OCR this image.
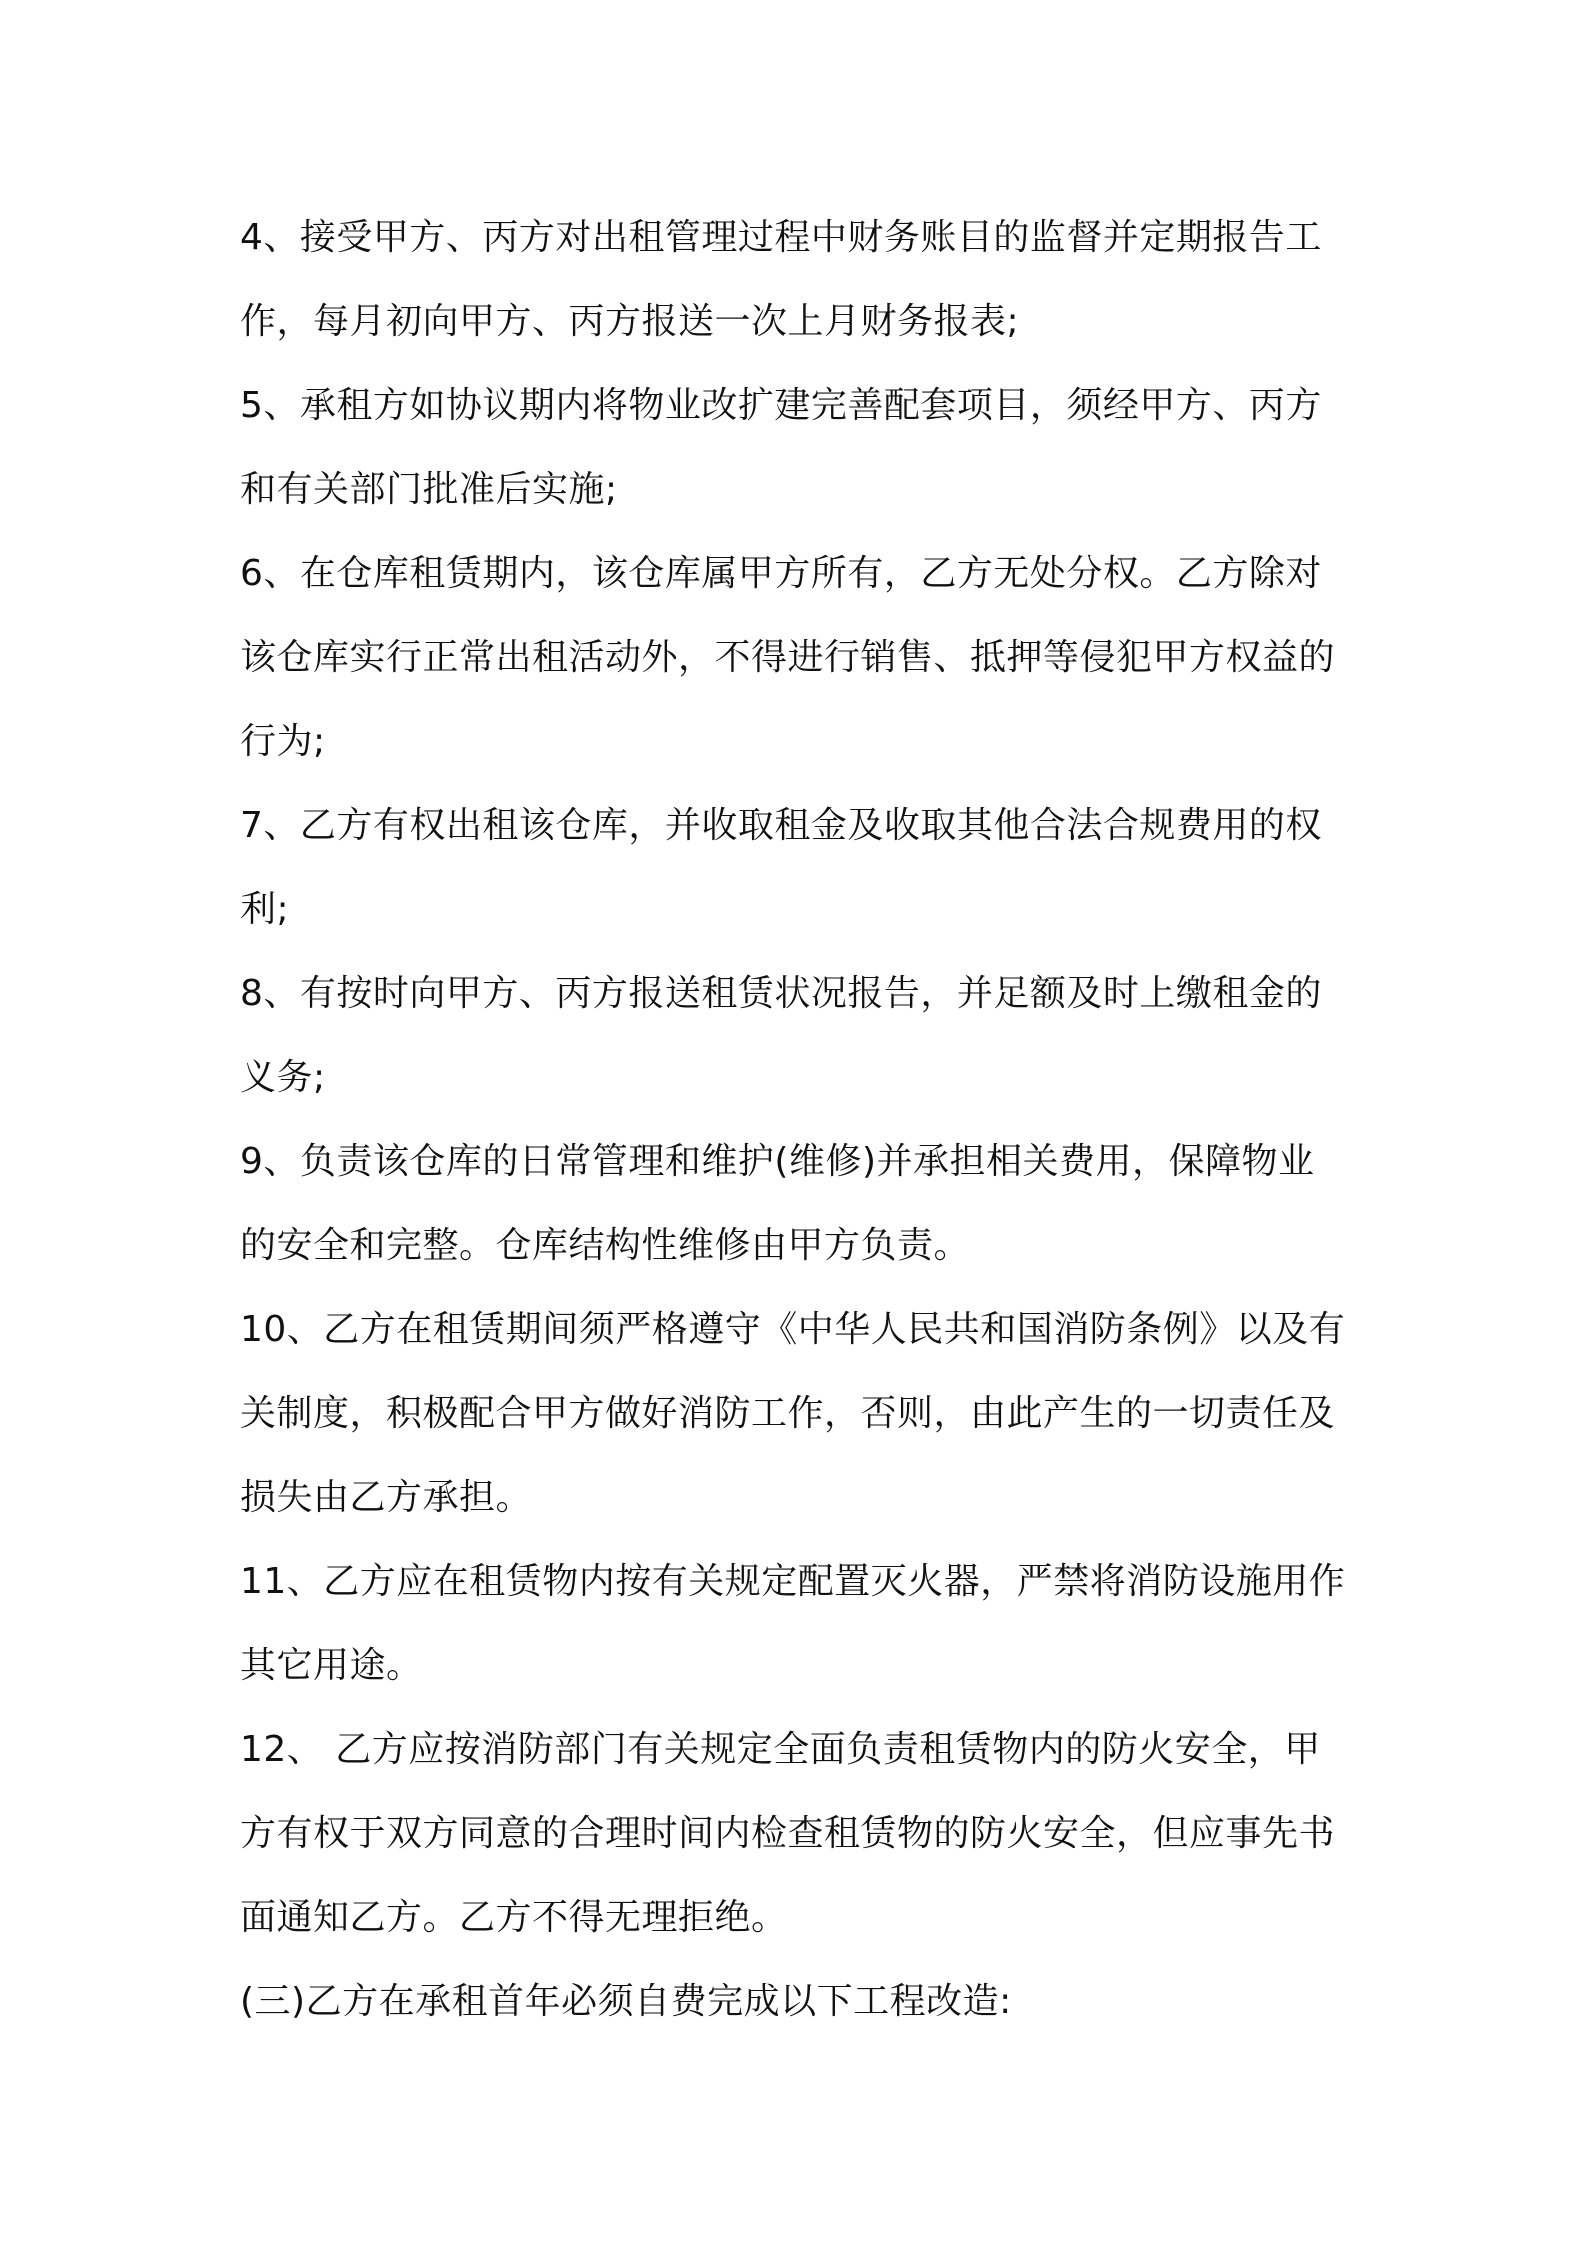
4、接受甲方、丙方对出租管理过程中财务账目的监督并定期报告工
作，每月初向甲方、丙方报送一次上月财务报表;
5、承租方如协议期内将物业改扩建完善配套项目，须经甲方、丙方
和有关部门批准后实施;
6、在仓库租赁期内，该仓库属甲方所有，乙方无处分权。乙方除对
该仓库实行正常出租活动外，不得进行销售、抵押等侵犯甲方权益的
行为;
7、乙方有权出租该仓库，并收取租金及收取其他合法合规费用的权
利;
8、有按时向甲方、丙方报送租赁状况报告，并足额及时上缴租金的
义务;
9、负责该仓库的日常管理和维护(维修)并承担相关费用，保障物业
的安全和完整。仓库结构性维修由甲方负责。
10、乙方在租赁期间须严格遵守《中华人民共和国消防条例》以及有
关制度，积极配合甲方做好消防工作，否则，由此产生的一切责任及
损失由乙方承担。
11、乙方应在租赁物内按有关规定配置灭火器，严禁将消防设施用作
其它用途。
12、 乙方应按消防部门有关规定全面负责租赁物内的防火安全，甲
方有权于双方同意的合理时间内检查租赁物的防火安全，但应事先书
面通知乙方。乙方不得无理拒绝。
(三)乙方在承租首年必须自费完成以下工程改造:
